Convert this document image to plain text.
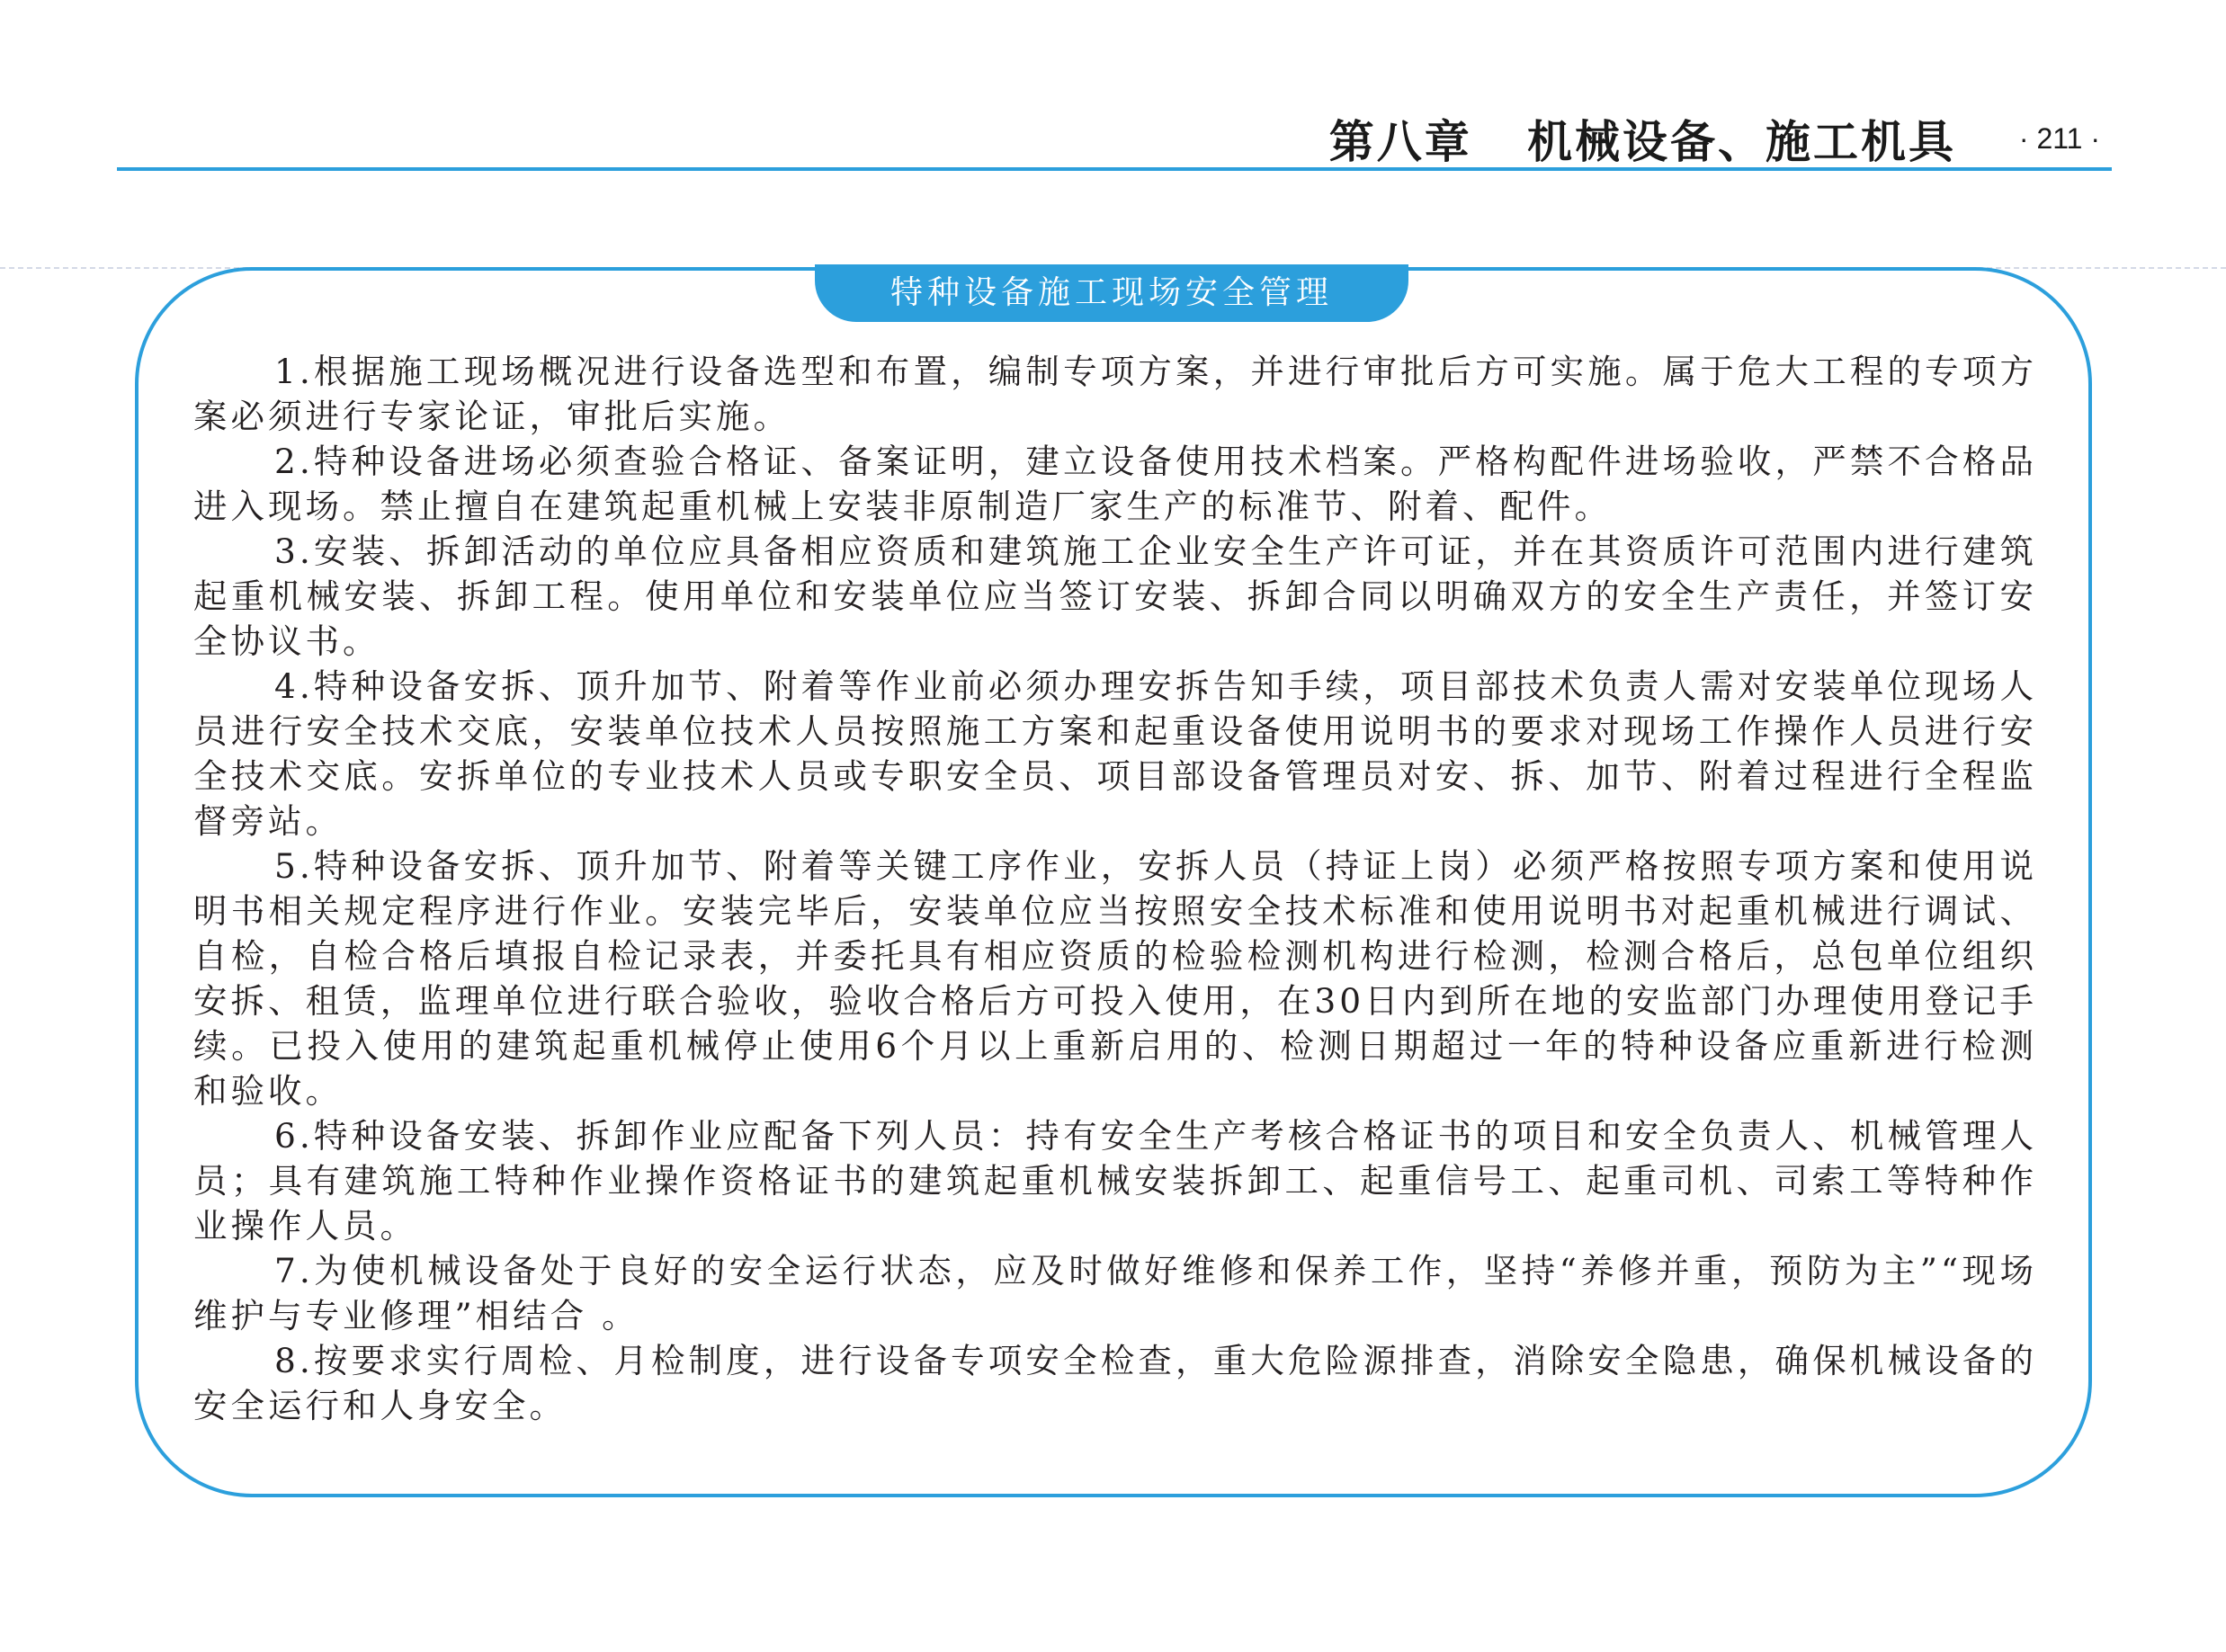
第八章   机械设备、施工机具 · 211 ·
特种设备施工现场安全管理

1.根据施工现场概况进行设备选型和布置，编制专项方案，并进行审批后方可实施。属于危大工程的专项方案必须进行专家论证，审批后实施。

2.特种设备进场必须查验合格证、备案证明，建立设备使用技术档案。严格构配件进场验收，严禁不合格品进入现场。禁止擅自在建筑起重机械上安装非原制造厂家生产的标准节、附着、配件。

3.安装、拆卸活动的单位应具备相应资质和建筑施工企业安全生产许可证，并在其资质许可范围内进行建筑起重机械安装、拆卸工程。使用单位和安装单位应当签订安装、拆卸合同以明确双方的安全生产责任，并签订安全协议书。

4.特种设备安拆、顶升加节、附着等作业前必须办理安拆告知手续，项目部技术负责人需对安装单位现场人员进行安全技术交底，安装单位技术人员按照施工方案和起重设备使用说明书的要求对现场工作操作人员进行安全技术交底。安拆单位的专业技术人员或专职安全员、项目部设备管理员对安、拆、加节、附着过程进行全程监督旁站。

5.特种设备安拆、顶升加节、附着等关键工序作业，安拆人员（持证上岗）必须严格按照专项方案和使用说明书相关规定程序进行作业。安装完毕后，安装单位应当按照安全技术标准和使用说明书对起重机械进行调试、自检，自检合格后填报自检记录表，并委托具有相应资质的检验检测机构进行检测，检测合格后，总包单位组织安拆、租赁，监理单位进行联合验收，验收合格后方可投入使用，在30日内到所在地的安监部门办理使用登记手续。已投入使用的建筑起重机械停止使用6个月以上重新启用的、检测日期超过一年的特种设备应重新进行检测和验收。

6.特种设备安装、拆卸作业应配备下列人员：持有安全生产考核合格证书的项目和安全负责人、机械管理人员；具有建筑施工特种作业操作资格证书的建筑起重机械安装拆卸工、起重信号工、起重司机、司索工等特种作业操作人员。

7.为使机械设备处于良好的安全运行状态，应及时做好维修和保养工作，坚持“养修并重，预防为主”“现场维护与专业修理”相结合 。

8.按要求实行周检、月检制度，进行设备专项安全检查，重大危险源排查，消除安全隐患，确保机械设备的安全运行和人身安全。
